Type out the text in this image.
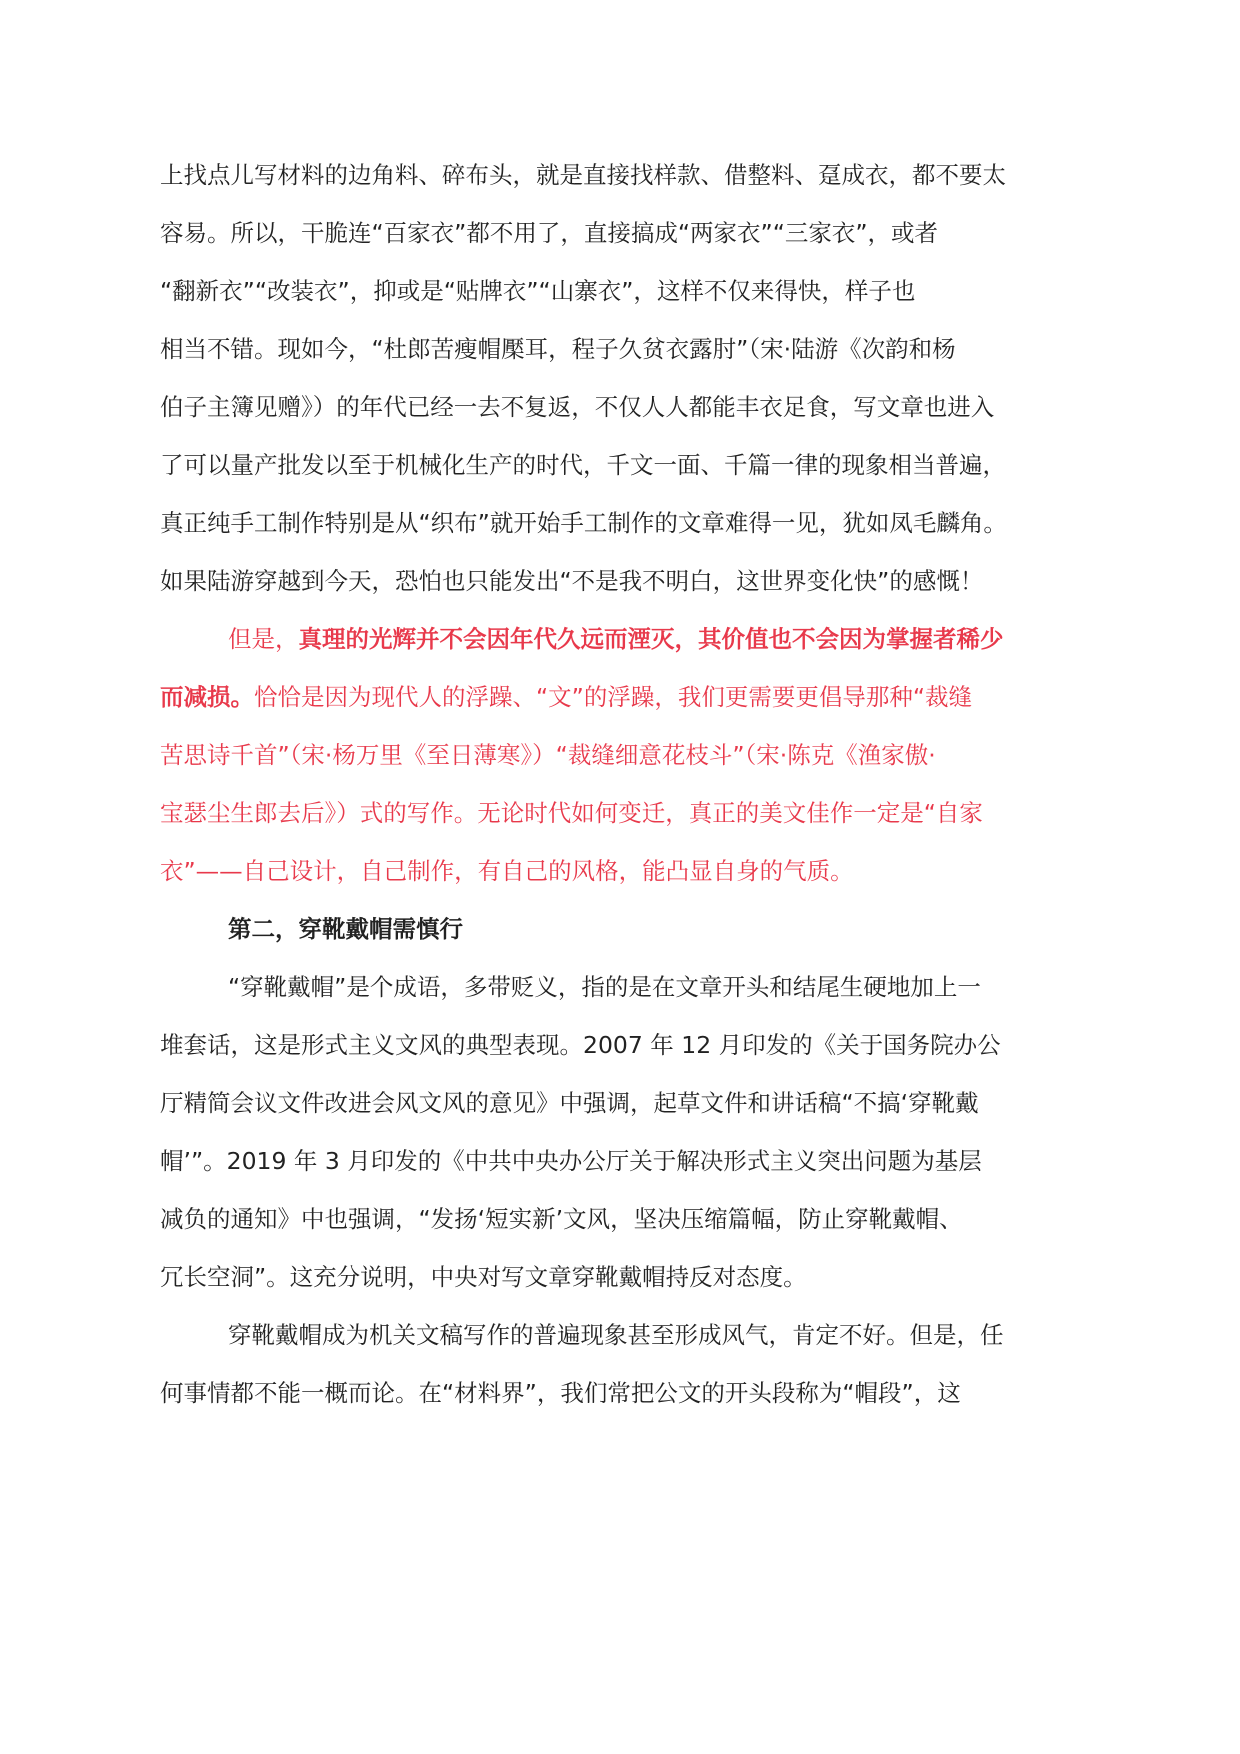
上找点儿写材料的边角料、碎布头，就是直接找样款、借整料、趸成衣，都不要太
容易。所以，干脆连“百家衣”都不用了，直接搞成“两家衣”“三家衣”，或者
“翻新衣”“改装衣”，抑或是“贴牌衣”“山寨衣”，这样不仅来得快，样子也
相当不错。现如今，“杜郎苦瘦帽檿耳，程子久贫衣露肘”（宋·陆游《次韵和杨
伯子主簿见赠》）的年代已经一去不复返，不仅人人都能丰衣足食，写文章也进入
了可以量产批发以至于机械化生产的时代，千文一面、千篇一律的现象相当普遍，
真正纯手工制作特别是从“织布”就开始手工制作的文章难得一见，犹如凤毛麟角。
如果陆游穿越到今天，恐怕也只能发出“不是我不明白，这世界变化快”的感慨！
但是，真理的光辉并不会因年代久远而湮灭，其价值也不会因为掌握者稀少
而减损。恰恰是因为现代人的浮躁、“文”的浮躁，我们更需要更倡导那种“裁缝
苦思诗千首”（宋·杨万里《至日薄寒》）“裁缝细意花枝斗”（宋·陈克《渔家傲·
宝瑟尘生郎去后》）式的写作。无论时代如何变迁，真正的美文佳作一定是“自家
衣”——自己设计，自己制作，有自己的风格，能凸显自身的气质。
第二，穿靴戴帽需慎行
“穿靴戴帽”是个成语，多带贬义，指的是在文章开头和结尾生硬地加上一
堆套话，这是形式主义文风的典型表现。2007 年 12 月印发的《关于国务院办公
厅精简会议文件改进会风文风的意见》中强调，起草文件和讲话稿“不搞‘穿靴戴
帽’”。2019 年 3 月印发的《中共中央办公厅关于解决形式主义突出问题为基层
减负的通知》中也强调，“发扬‘短实新’文风，坚决压缩篇幅，防止穿靴戴帽、
冗长空洞”。这充分说明，中央对写文章穿靴戴帽持反对态度。
穿靴戴帽成为机关文稿写作的普遍现象甚至形成风气，肯定不好。但是，任
何事情都不能一概而论。在“材料界”，我们常把公文的开头段称为“帽段”，这
